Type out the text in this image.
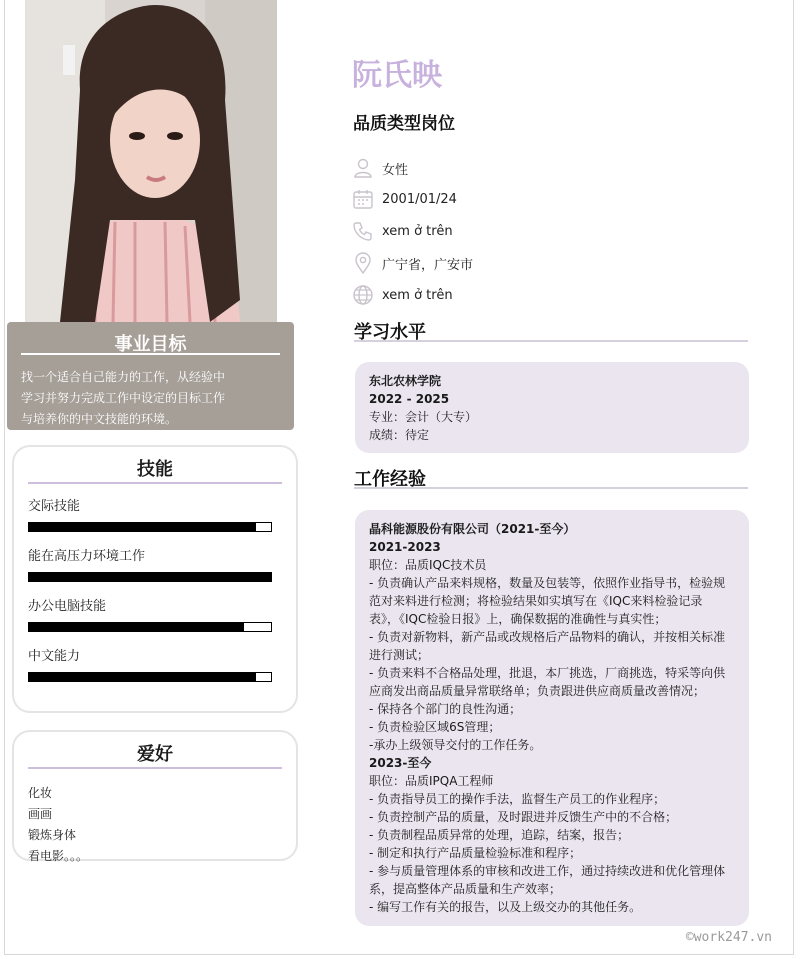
事业目标

找一个适合自己能力的工作，从经验中
学习并努力完成工作中设定的目标工作
与培养你的中文技能的环境。

技能
交际技能
能在高压力环境工作
办公电脑技能
中文能力
爱好
化妆
画画
锻炼身体
看电影。。。
阮氏映
品质类型岗位
女性
2001/01/24
xem ở trên
广宁省，广安市
xem ở trên
学习水平
东北农林学院
2022 - 2025
专业：会计（大专）
成绩：待定
工作经验
晶科能源股份有限公司（2021-至今）
2021-2023
职位：品质IQC技术员
- 负责确认产品来料规格，数量及包装等，依照作业指导书，检验规
范对来料进行检测；将检验结果如实填写在《IQC来料检验记录
表》，《IQC检验日报》上，确保数据的准确性与真实性；
- 负责对新物料，新产品或改规格后产品物料的确认，并按相关标准
进行测试；
- 负责来料不合格品处理，批退，本厂挑选，厂商挑选，特采等向供
应商发出商品质量异常联络单；负责跟进供应商质量改善情况；
- 保持各个部门的良性沟通；
- 负责检验区域6S管理；
-承办上级领导交付的工作任务。
2023-至今
职位：品质IPQA工程师
- 负责指导员工的操作手法，监督生产员工的作业程序；
- 负责控制产品的质量，及时跟进并反馈生产中的不合格；
- 负责制程品质异常的处理，追踪，结案，报告；
- 制定和执行产品质量检验标准和程序；
- 参与质量管理体系的审核和改进工作，通过持续改进和优化管理体
系，提高整体产品质量和生产效率；
- 编写工作有关的报告，以及上级交办的其他任务。
©work247.vn
